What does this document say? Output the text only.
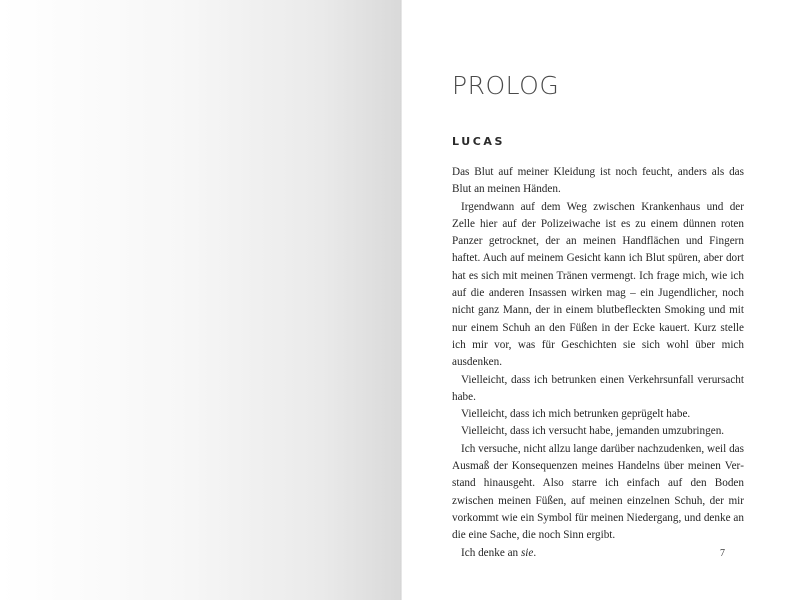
PROLOG
LUCAS

Das Blut auf meiner Kleidung ist noch feucht, anders als das Blut an meinen Händen.

Irgendwann auf dem Weg zwischen Krankenhaus und der Zelle hier auf der Polizeiwache ist es zu einem dünnen roten Panzer getrocknet, der an meinen Handflächen und Fingern haftet. Auch auf meinem Gesicht kann ich Blut spüren, aber dort hat es sich mit meinen Tränen vermengt. Ich frage mich, wie ich auf die anderen Insassen wirken mag – ein Jugendlicher, noch nicht ganz Mann, der in einem blutbefleckten Smoking und mit nur einem Schuh an den Füßen in der Ecke kauert. Kurz stelle ich mir vor, was für Geschichten sie sich wohl über mich ausdenken.

Vielleicht, dass ich betrunken einen Verkehrsunfall verursacht habe.

Vielleicht, dass ich mich betrunken geprügelt habe.

Vielleicht, dass ich versucht habe, jemanden umzubringen.

Ich versuche, nicht allzu lange darüber nachzudenken, weil das Ausmaß der Konsequenzen meines Handelns über meinen Verstand hinausgeht. Also starre ich einfach auf den Boden zwischen meinen Füßen, auf meinen einzelnen Schuh, der mir vorkommt wie ein Symbol für meinen Niedergang, und denke an die eine Sache, die noch Sinn ergibt.

Ich denke an sie.	7
